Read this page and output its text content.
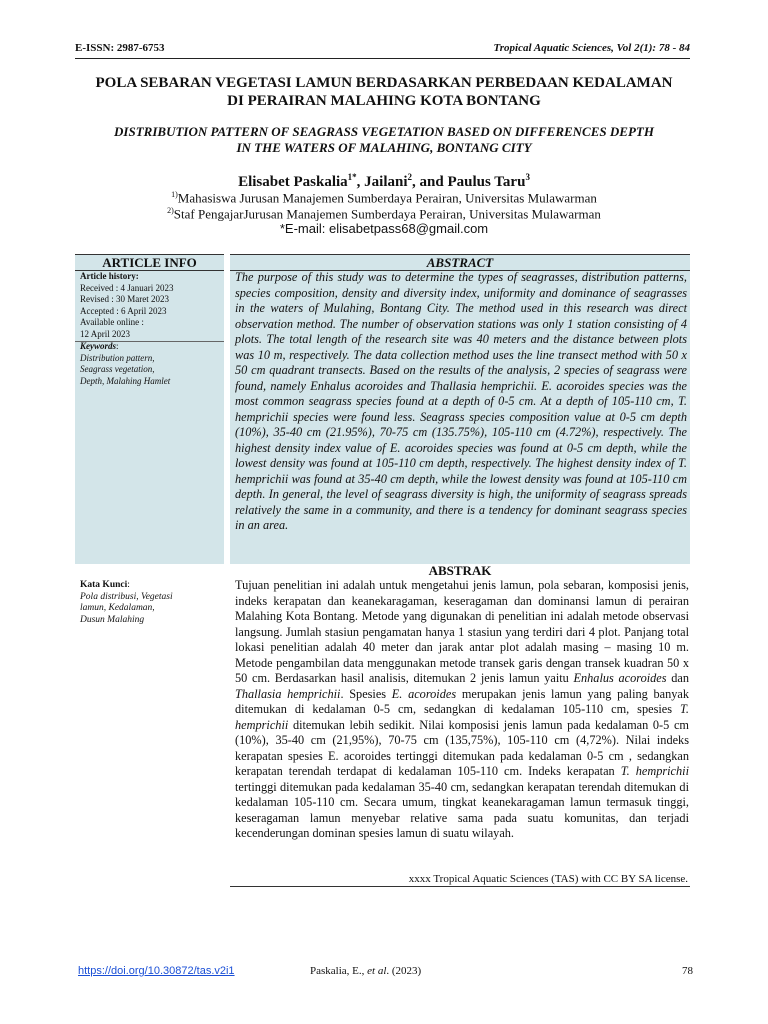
E-ISSN: 2987-6753	Tropical Aquatic Sciences, Vol 2(1): 78 - 84
POLA SEBARAN VEGETASI LAMUN BERDASARKAN PERBEDAAN KEDALAMAN
DI PERAIRAN MALAHING KOTA BONTANG
DISTRIBUTION PATTERN OF SEAGRASS VEGETATION BASED ON DIFFERENCES DEPTH
IN THE WATERS OF MALAHING, BONTANG CITY
Elisabet Paskalia$^{1*}$, Jailani$^2$, and Paulus Taru$^3$
$^{1)}$Mahasiswa Jurusan Manajemen Sumberdaya Perairan, Universitas Mulawarman
$^{2)}$Staf PengajarJurusan Manajemen Sumberdaya Perairan, Universitas Mulawarman
*E-mail: elisabetpass68@gmail.com
ARTICLE INFO	ABSTRACT
Article history:
Received : 4 Januari 2023
Revised : 30 Maret 2023
Accepted : 6 April 2023
Available online :
12 April 2023
Keywords:
Distribution pattern,
Seagrass vegetation,
Depth, Malahing Hamlet
The purpose of this study was to determine the types of seagrasses, distribution patterns, species composition, density and diversity index, uniformity and dominance of seagrasses in the waters of Mulahing, Bontang City. The method used in this research was direct observation method. The number of observation stations was only 1 station consisting of 4 plots. The total length of the research site was 40 meters and the distance between plots was 10 m, respectively. The data collection method uses the line transect method with 50 x 50 cm quadrant transects. Based on the results of the analysis, 2 species of seagrass were found, namely Enhalus acoroides and Thallasia hemprichii. E. acoroides species was the most common seagrass species found at a depth of 0-5 cm. At a depth of 105-110 cm, T. hemprichii species were found less. Seagrass species composition value at 0-5 cm depth (10%), 35-40 cm (21.95%), 70-75 cm (135.75%), 105-110 cm (4.72%), respectively. The highest density index value of E. acoroides species was found at 0-5 cm depth, while the lowest density was found at 105-110 cm depth, respectively. The highest density index of T. hemprichii was found at 35-40 cm depth, while the lowest density was found at 105-110 cm depth. In general, the level of seagrass diversity is high, the uniformity of seagrass spreads relatively the same in a community, and there is a tendency for dominant seagrass species in an area.
ABSTRAK
Kata Kunci:
Pola distribusi, Vegetasi
lamun, Kedalaman,
Dusun Malahing
Tujuan penelitian ini adalah untuk mengetahui jenis lamun, pola sebaran, komposisi jenis, indeks kerapatan dan keanekaragaman, keseragaman dan dominansi lamun di perairan Malahing Kota Bontang. Metode yang digunakan di penelitian ini adalah metode observasi langsung. Jumlah stasiun pengamatan hanya 1 stasiun yang terdiri dari 4 plot. Panjang total lokasi penelitian adalah 40 meter dan jarak antar plot adalah masing – masing 10 m. Metode pengambilan data menggunakan metode transek garis dengan transek kuadran 50 x 50 cm. Berdasarkan hasil analisis, ditemukan 2 jenis lamun yaitu Enhalus acoroides dan Thallasia hemprichii. Spesies E. acoroides merupakan jenis lamun yang paling banyak ditemukan di kedalaman 0-5 cm, sedangkan di kedalaman 105-110 cm, spesies T. hemprichii ditemukan lebih sedikit. Nilai komposisi jenis lamun pada kedalaman 0-5 cm (10%), 35-40 cm (21,95%), 70-75 cm (135,75%), 105-110 cm (4,72%). Nilai indeks kerapatan spesies E. acoroides tertinggi ditemukan pada kedalaman 0-5 cm , sedangkan kerapatan terendah terdapat di kedalaman 105-110 cm. Indeks kerapatan T. hemprichii tertinggi ditemukan pada kedalaman 35-40 cm, sedangkan kerapatan terendah ditemukan di kedalaman 105-110 cm. Secara umum, tingkat keanekaragaman lamun termasuk tinggi, keseragaman lamun menyebar relative sama pada suatu komunitas, dan terjadi kecenderungan dominan spesies lamun di suatu wilayah.
xxxx Tropical Aquatic Sciences (TAS) with CC BY SA license.
https://doi.org/10.30872/tas.v2i1	Paskalia, E., et al. (2023)	78
